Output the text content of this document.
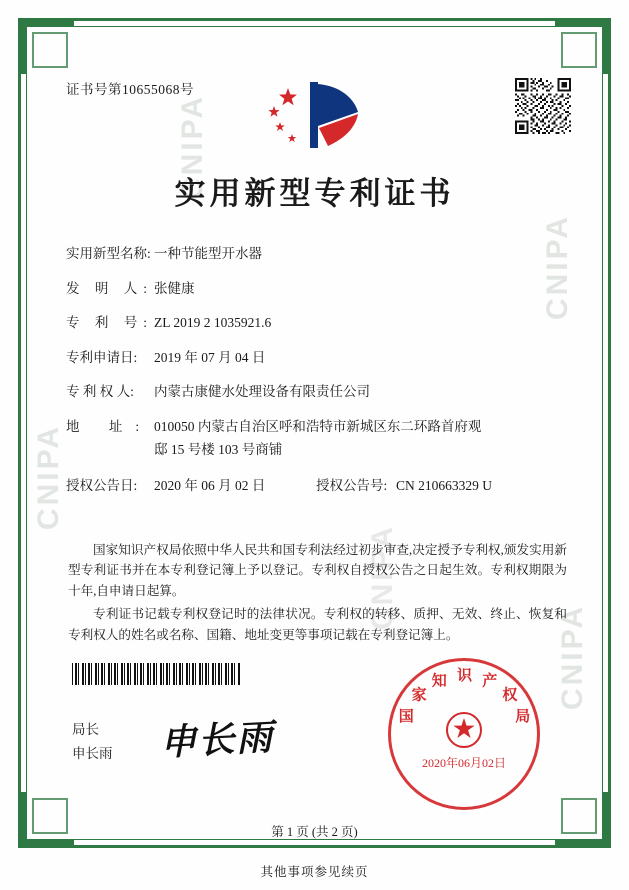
CNIPA
CNIPA
CNIPA
CNIPA
CNIPA
证书号第10655068号
实用新型专利证书
实用新型名称: 一种节能型开水器
发 明 人: 张健康
专 利 号: ZL 2019 2 1035921.6
专利申请日:	2019 年 07 月 04 日
专 利 权 人:	内蒙古康健水处理设备有限责任公司
地 址: 010050 内蒙古自治区呼和浩特市新城区东二环路首府观
邸 15 号楼 103 号商铺
授权公告日:	2020 年 06 月 02 日	授权公告号: CN 210663329 U

国家知识产权局依照中华人民共和国专利法经过初步审查,决定授予专利权,颁发实用新型专利证书并在本专利登记簿上予以登记。专利权自授权公告之日起生效。专利权期限为十年,自申请日起算。

专利证书记载专利权登记时的法律状况。专利权的转移、质押、无效、终止、恢复和专利权人的姓名或名称、国籍、地址变更等事项记载在专利登记簿上。

局长
申长雨 申长雨
2020年06月02日
国
家
知 识 产
权
局
第 1 页 (共 2 页)
其他事项参见续页
